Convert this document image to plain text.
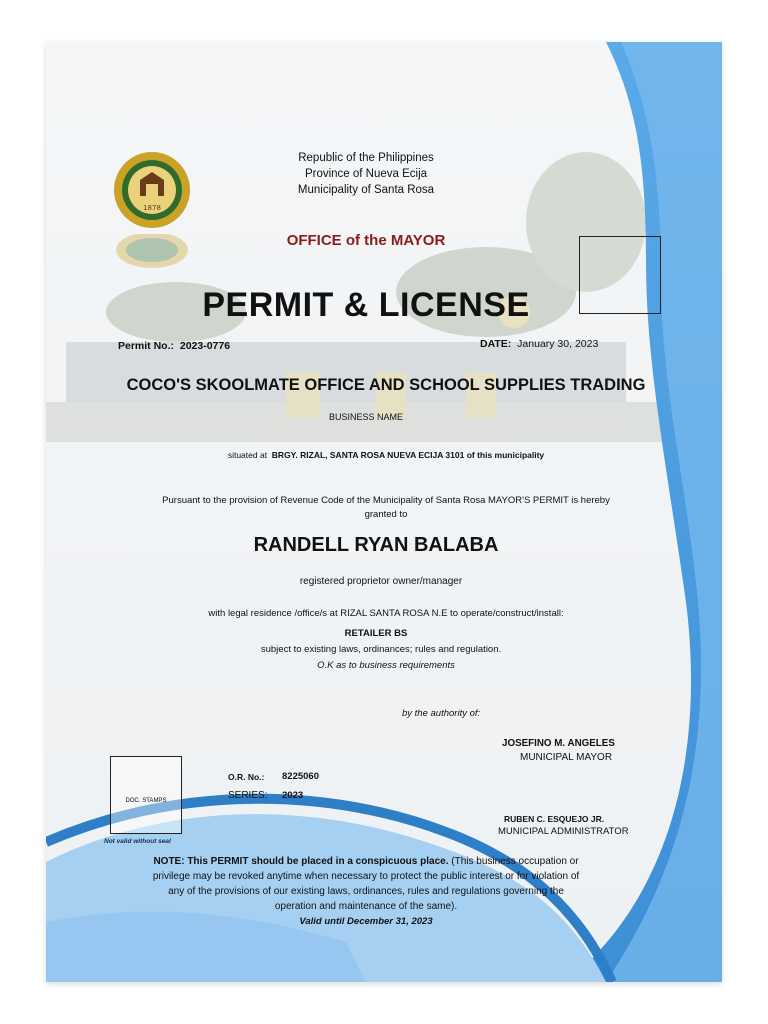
1878
Republic of the Philippines
Province of Nueva Ecija
Municipality of Santa Rosa
OFFICE of the MAYOR
PERMIT & LICENSE
Permit No.: 2023-0776	DATE: January 30, 2023
COCO'S SKOOLMATE OFFICE AND SCHOOL SUPPLIES TRADING
BUSINESS NAME
situated at BRGY. RIZAL, SANTA ROSA NUEVA ECIJA 3101 of this municipality
Pursuant to the provision of Revenue Code of the Municipality of Santa Rosa MAYOR'S PERMIT is hereby
granted to
RANDELL RYAN BALABA
registered proprietor owner/manager
with legal residence /office/s at RIZAL SANTA ROSA N.E to operate/construct/install:
RETAILER BS
subject to existing laws, ordinances; rules and regulation.
O.K as to business requirements
by the authority of:
JOSEFINO M. ANGELES
MUNICIPAL MAYOR
DOC. STAMPS
Not valid without seal
O.R. No.: 8225060
SERIES: 2023
RUBEN C. ESQUEJO JR.
MUNICIPAL ADMINISTRATOR
NOTE: This PERMIT should be placed in a conspicuous place. (This business occupation or privilege may be revoked anytime when necessary to protect the public interest or for violation of any of the provisions of our existing laws, ordinances, rules and regulations governing the operation and maintenance of the same).
Valid until December 31, 2023
